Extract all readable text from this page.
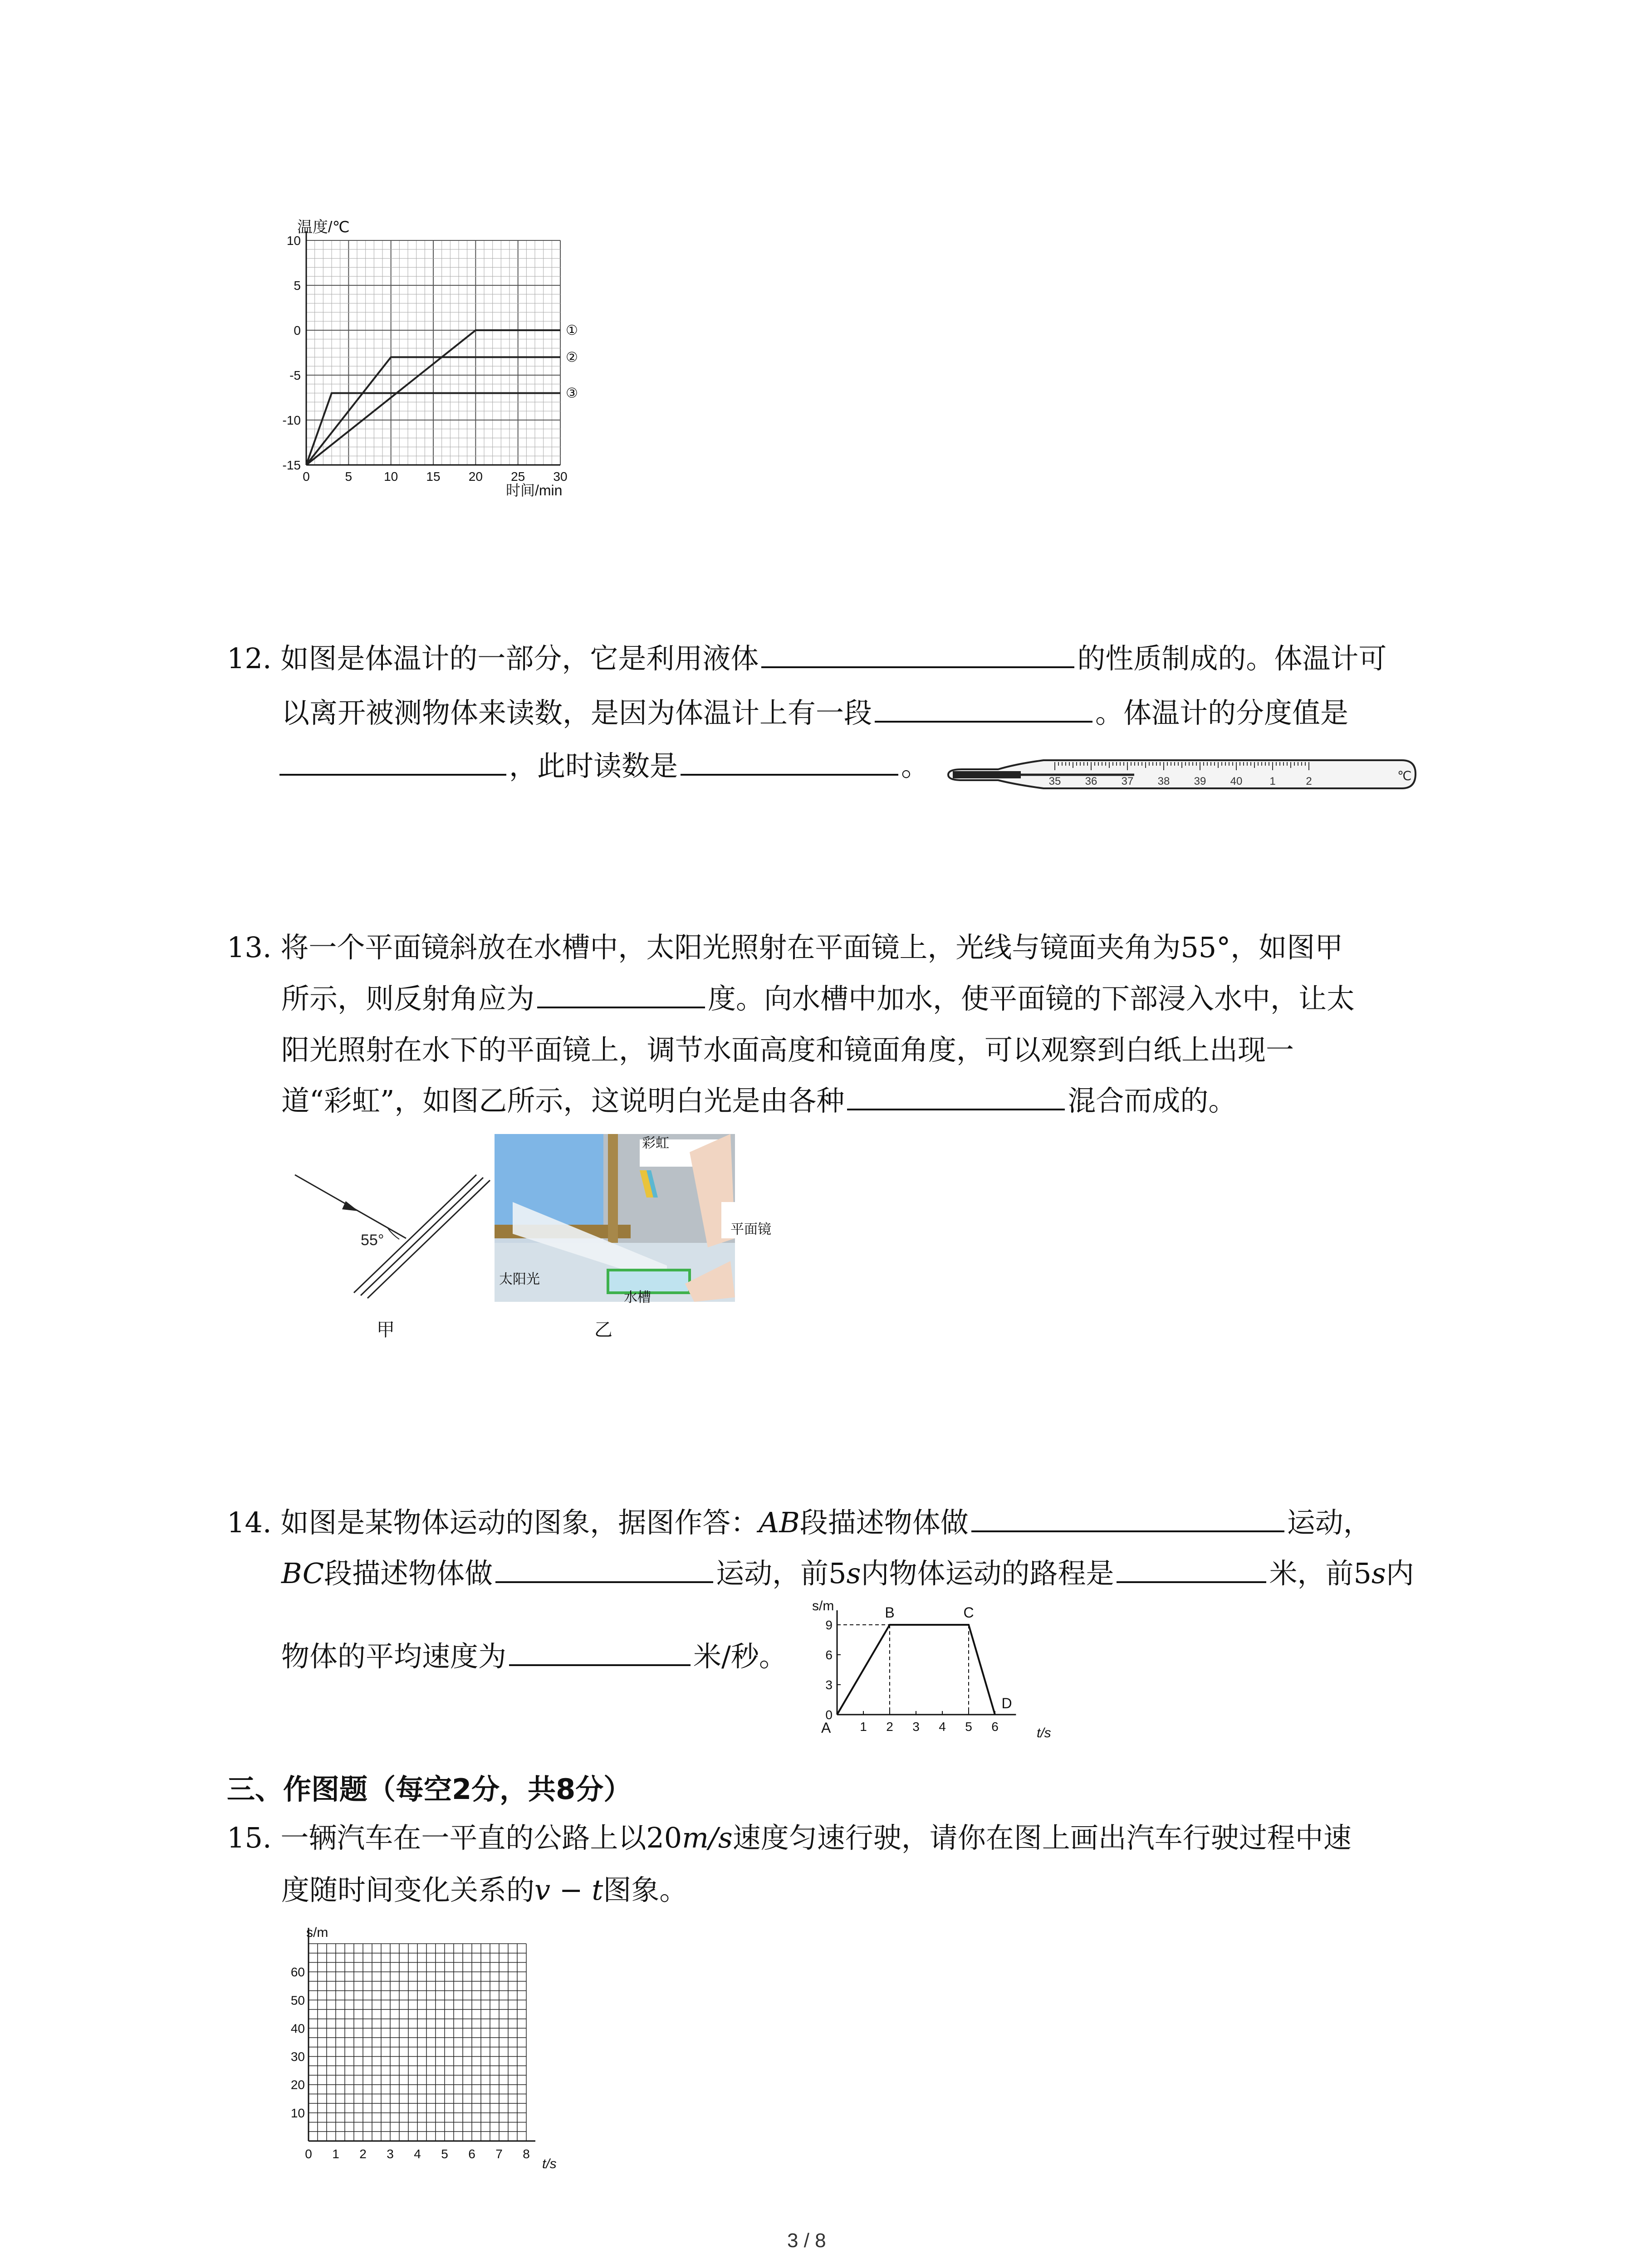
温度/℃
时间/min
10
5
0
-5
-10
-15
0	5 10 15 20 25 30
①
②
③
12. 如图是体温计的一部分，它是利用液体	的性质制成的。体温计可
以离开被测物体来读数，是因为体温计上有一段	。体温计的分度值是
，此时读数是	。	35 36 37 38 39 40 1	2	℃
13. 将一个平面镜斜放在水槽中，太阳光照射在平面镜上，光线与镜面夹角为55°，如图甲
所示，则反射角应为	度。向水槽中加水，使平面镜的下部浸入水中，让太
阳光照射在水下的平面镜上，调节水面高度和镜面角度，可以观察到白纸上出现一
道“彩虹”，如图乙所示，这说明白光是由各种	混合而成的。
55°
甲
彩虹
平面镜
太阳光
水槽
乙
14. 如图是某物体运动的图象，据图作答：AB段描述物体做	运动，
BC段描述物体做	运动，前5s内物体运动的路程是	米，前5s内
物体的平均速度为	米/秒。
0
3
6
9
1 2 3 4 5 6
B	C
D
s/m
t/s
A
三、作图题（每空2分，共8分）
15. 一辆汽车在一平直的公路上以20m/s速度匀速行驶，请你在图上画出汽车行驶过程中速
度随时间变化关系的v − t图象。
10
20
30
40
50
60
0 1 2 3 4 5 6 7 8
s/m
t/s
3 / 8
